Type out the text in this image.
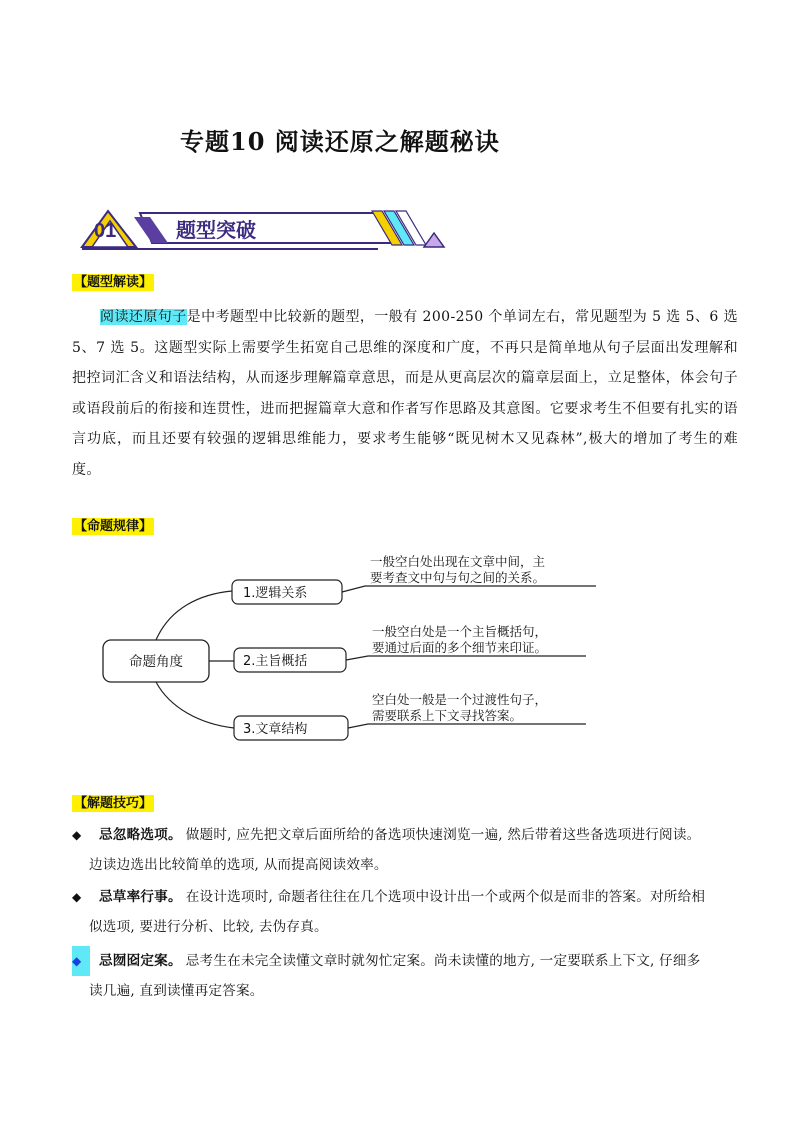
专题10 阅读还原之解题秘诀
01	题型突破
【题型解读】
阅读还原句子是中考题型中比较新的题型，一般有 200-250 个单词左右，常见题型为 5 选 5、6 选 5、7 选 5。这题型实际上需要学生拓宽自己思维的深度和广度，不再只是简单地从句子层面出发理解和把控词汇含义和语法结构，从而逐步理解篇章意思，而是从更高层次的篇章层面上，立足整体，体会句子或语段前后的衔接和连贯性，进而把握篇章大意和作者写作思路及其意图。它要求考生不但要有扎实的语言功底，而且还要有较强的逻辑思维能力，要求考生能够“既见树木又见森林”,极大的增加了考生的难度。
【命题规律】
命题角度
1.逻辑关系
一般空白处出现在文章中间，主
要考查文中句与句之间的关系。
2.主旨概括
一般空白处是一个主旨概括句，
要通过后面的多个细节来印证。
3.文章结构
空白处一般是一个过渡性句子，
需要联系上下文寻找答案。
【解题技巧】
◆	忌忽略选项。 做题时, 应先把文章后面所给的备选项快速浏览一遍, 然后带着这些备选项进行阅读。
边读边选出比较简单的选项, 从而提高阅读效率。
◆	忌草率行事。 在设计选项时, 命题者往往在几个选项中设计出一个或两个似是而非的答案。对所给相
似选项, 要进行分析、比较, 去伪存真。
◆	忌囫囵定案。 忌考生在未完全读懂文章时就匆忙定案。尚未读懂的地方, 一定要联系上下文, 仔细多
读几遍, 直到读懂再定答案。
